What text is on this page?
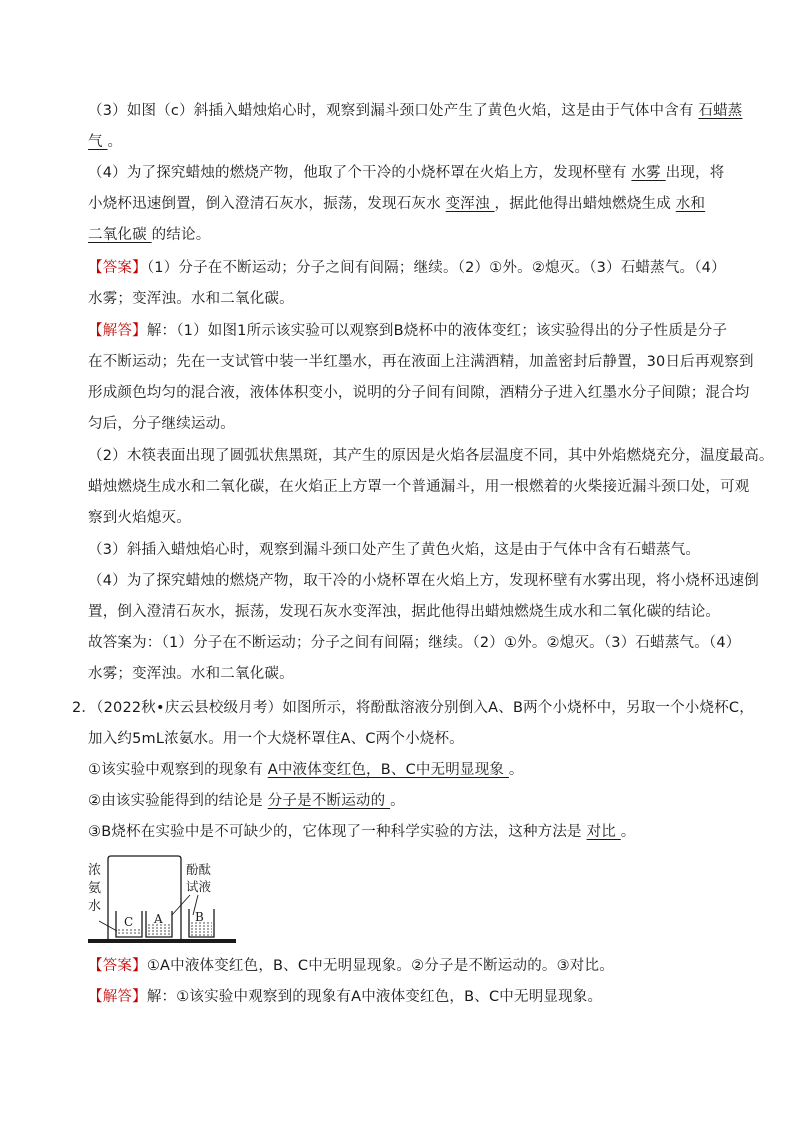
（3）如图（c）斜插入蜡烛焰心时，观察到漏斗颈口处产生了黄色火焰，这是由于气体中含有 石蜡蒸
气 。
（4）为了探究蜡烛的燃烧产物，他取了个干冷的小烧杯罩在火焰上方，发现杯壁有 水雾 出现，将
小烧杯迅速倒置，倒入澄清石灰水，振荡，发现石灰水 变浑浊 ，据此他得出蜡烛燃烧生成 水和
二氧化碳 的结论。
【答案】（1）分子在不断运动；分子之间有间隔；继续。（2）①外。②熄灭。（3）石蜡蒸气。（4）
水雾；变浑浊。水和二氧化碳。
【解答】解：（1）如图1所示该实验可以观察到B烧杯中的液体变红；该实验得出的分子性质是分子
在不断运动；先在一支试管中装一半红墨水，再在液面上注满酒精，加盖密封后静置，30日后再观察到
形成颜色均匀的混合液，液体体积变小，说明的分子间有间隙，酒精分子进入红墨水分子间隙；混合均
匀后，分子继续运动。
（2）木筷表面出现了圆弧状焦黑斑，其产生的原因是火焰各层温度不同，其中外焰燃烧充分，温度最高。
蜡烛燃烧生成水和二氧化碳，在火焰正上方罩一个普通漏斗，用一根燃着的火柴接近漏斗颈口处，可观
察到火焰熄灭。
（3）斜插入蜡烛焰心时，观察到漏斗颈口处产生了黄色火焰，这是由于气体中含有石蜡蒸气。
（4）为了探究蜡烛的燃烧产物，取干冷的小烧杯罩在火焰上方，发现杯壁有水雾出现，将小烧杯迅速倒
置，倒入澄清石灰水，振荡，发现石灰水变浑浊，据此他得出蜡烛燃烧生成水和二氧化碳的结论。
故答案为：（1）分子在不断运动；分子之间有间隔；继续。（2）①外。②熄灭。（3）石蜡蒸气。（4）
水雾；变浑浊。水和二氧化碳。
2．（2022秋•庆云县校级月考）如图所示，将酚酞溶液分别倒入A、B两个小烧杯中，另取一个小烧杯C，
加入约5mL浓氨水。用一个大烧杯罩住A、C两个小烧杯。
①该实验中观察到的现象有 A中液体变红色，B、C中无明显现象 。
②由该实验能得到的结论是 分子是不断运动的 。
③B烧杯在实验中是不可缺少的，它体现了一种科学实验的方法，这种方法是 对比 。
浓
氨
水
酚酞
试液
C A	B
【答案】①A中液体变红色，B、C中无明显现象。②分子是不断运动的。③对比。
【解答】解：①该实验中观察到的现象有A中液体变红色，B、C中无明显现象。
